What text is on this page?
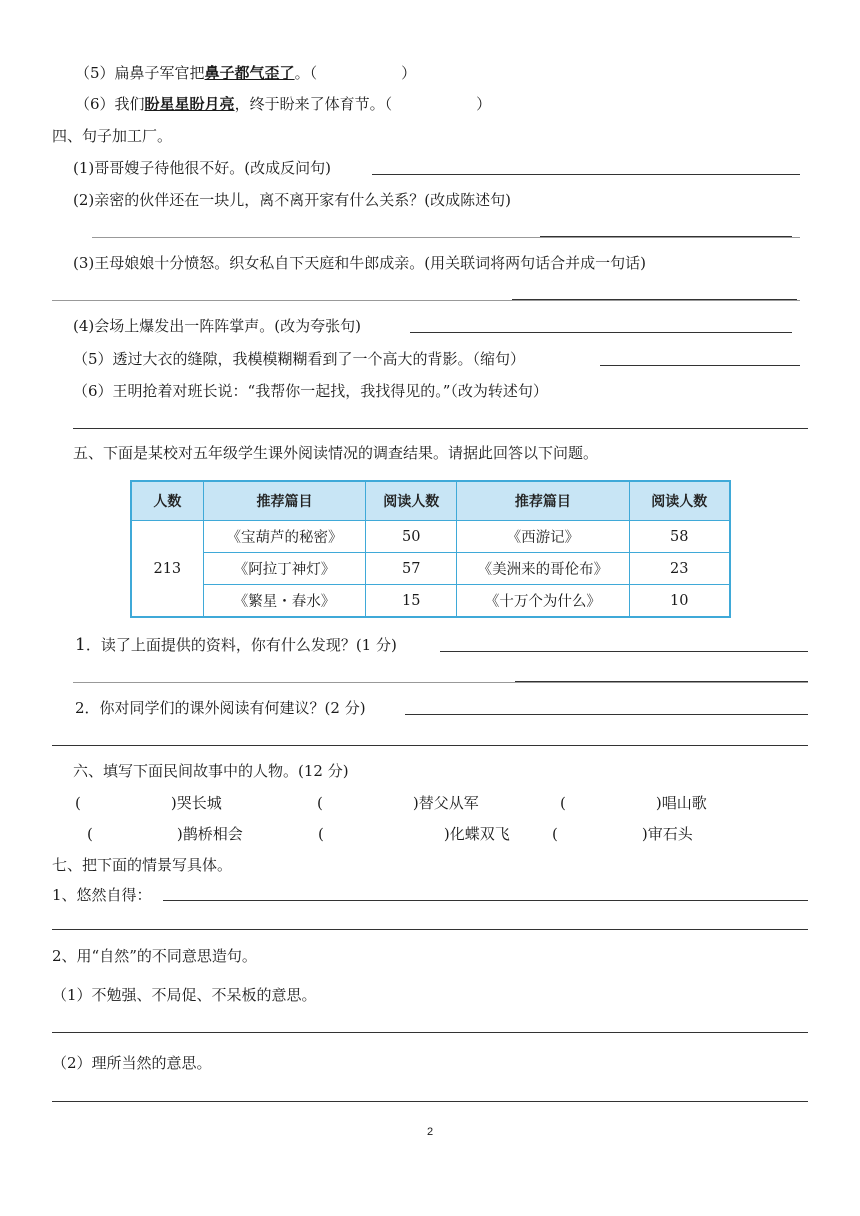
（5）扁鼻子军官把鼻子都气歪了。（	）
（6）我们盼星星盼月亮，终于盼来了体育节。（	）
四、句子加工厂。
(1)哥哥嫂子待他很不好。(改成反问句)
(2)亲密的伙伴还在一块儿，离不离开家有什么关系？(改成陈述句)
(3)王母娘娘十分愤怒。织女私自下天庭和牛郎成亲。(用关联词将两句话合并成一句话)
(4)会场上爆发出一阵阵掌声。(改为夸张句)
（5）透过大衣的缝隙，我模模糊糊看到了一个高大的背影。（缩句）
（6）王明抢着对班长说：“我帮你一起找，我找得见的。”（改为转述句）
五、下面是某校对五年级学生课外阅读情况的调查结果。请据此回答以下问题。
人数	推荐篇目	阅读人数	推荐篇目	阅读人数
213	《宝葫芦的秘密》	50	《西游记》	58
	《阿拉丁神灯》	57	《美洲来的哥伦布》	23
	《繁星・春水》	15	《十万个为什么》	10
1．读了上面提供的资料，你有什么发现？(1 分)
2．你对同学们的课外阅读有何建议？(2 分)
六、填写下面民间故事中的人物。(12 分)
(	)哭长城	(	)替父从军	(	)唱山歌
(	)鹊桥相会	(	)化蝶双飞	(	)审石头
七、把下面的情景写具体。
1、悠然自得：
2、用“自然”的不同意思造句。
（1）不勉强、不局促、不呆板的意思。
（2）理所当然的意思。
2
